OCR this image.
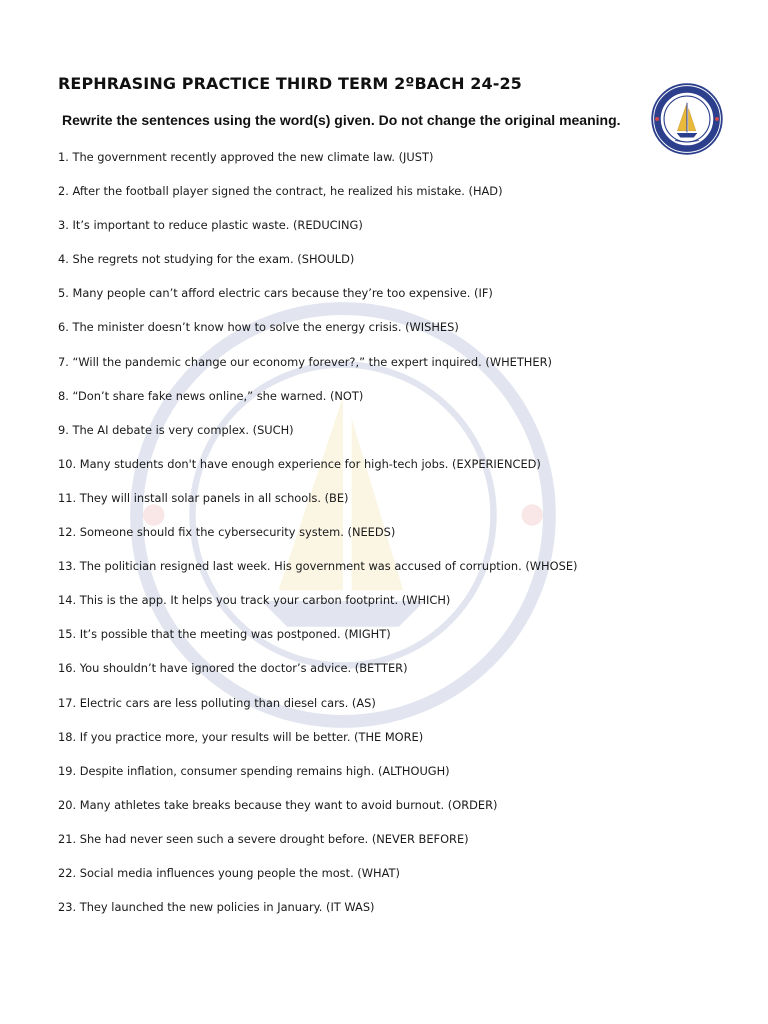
REPHRASING PRACTICE THIRD TERM 2ºBACH 24-25
Rewrite the sentences using the word(s) given. Do not change the original meaning.
1. The government recently approved the new climate law. (JUST)
2. After the football player signed the contract, he realized his mistake. (HAD)
3. It’s important to reduce plastic waste. (REDUCING)
4. She regrets not studying for the exam. (SHOULD)
5. Many people can’t afford electric cars because they’re too expensive. (IF)
6. The minister doesn’t know how to solve the energy crisis. (WISHES)
7. “Will the pandemic change our economy forever?,” the expert inquired. (WHETHER)
8. “Don’t share fake news online,” she warned. (NOT)
9. The AI debate is very complex. (SUCH)
10. Many students don't have enough experience for high-tech jobs. (EXPERIENCED)
11. They will install solar panels in all schools. (BE)
12. Someone should fix the cybersecurity system. (NEEDS)
13. The politician resigned last week. His government was accused of corruption. (WHOSE)
14. This is the app. It helps you track your carbon footprint. (WHICH)
15. It’s possible that the meeting was postponed. (MIGHT)
16. You shouldn’t have ignored the doctor’s advice. (BETTER)
17. Electric cars are less polluting than diesel cars. (AS)
18. If you practice more, your results will be better. (THE MORE)
19. Despite inflation, consumer spending remains high. (ALTHOUGH)
20. Many athletes take breaks because they want to avoid burnout. (ORDER)
21. She had never seen such a severe drought before. (NEVER BEFORE)
22. Social media influences young people the most. (WHAT)
23. They launched the new policies in January. (IT WAS)
